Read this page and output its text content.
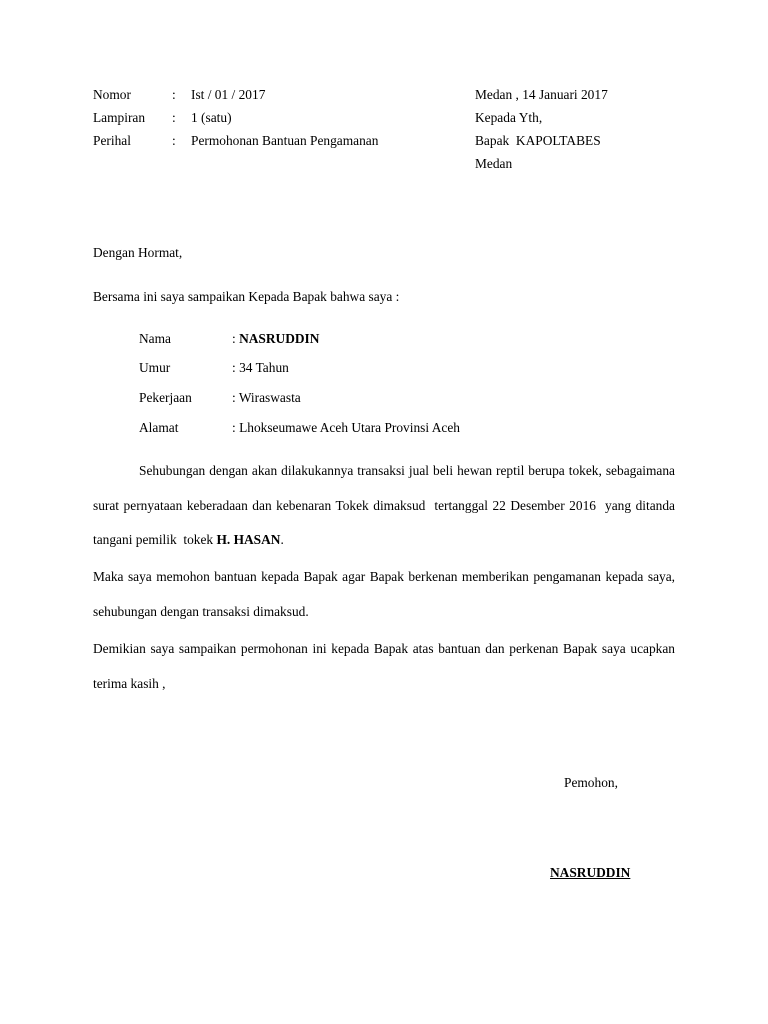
Nomor	: Ist / 01 / 2017
Lampiran : 1 (satu)
Perihal	: Permohonan Bantuan Pengamanan
Medan , 14 Januari 2017
Kepada Yth,
Bapak  KAPOLTABES
Medan
Dengan Hormat,
Bersama ini saya sampaikan Kepada Bapak bahwa saya :
Nama	: NASRUDDIN
Umur	: 34 Tahun
Pekerjaan	: Wiraswasta
Alamat	: Lhokseumawe Aceh Utara Provinsi Aceh
Sehubungan dengan akan dilakukannya transaksi jual beli hewan reptil berupa tokek, sebagaimana surat pernyataan keberadaan dan kebenaran Tokek dimaksud  tertanggal 22 Desember 2016  yang ditanda tangani pemilik  tokek H. HASAN.
Maka saya memohon bantuan kepada Bapak agar Bapak berkenan memberikan pengamanan kepada saya, sehubungan dengan transaksi dimaksud.
Demikian saya sampaikan permohonan ini kepada Bapak atas bantuan dan perkenan Bapak saya ucapkan terima kasih ,
Pemohon,
NASRUDDIN
